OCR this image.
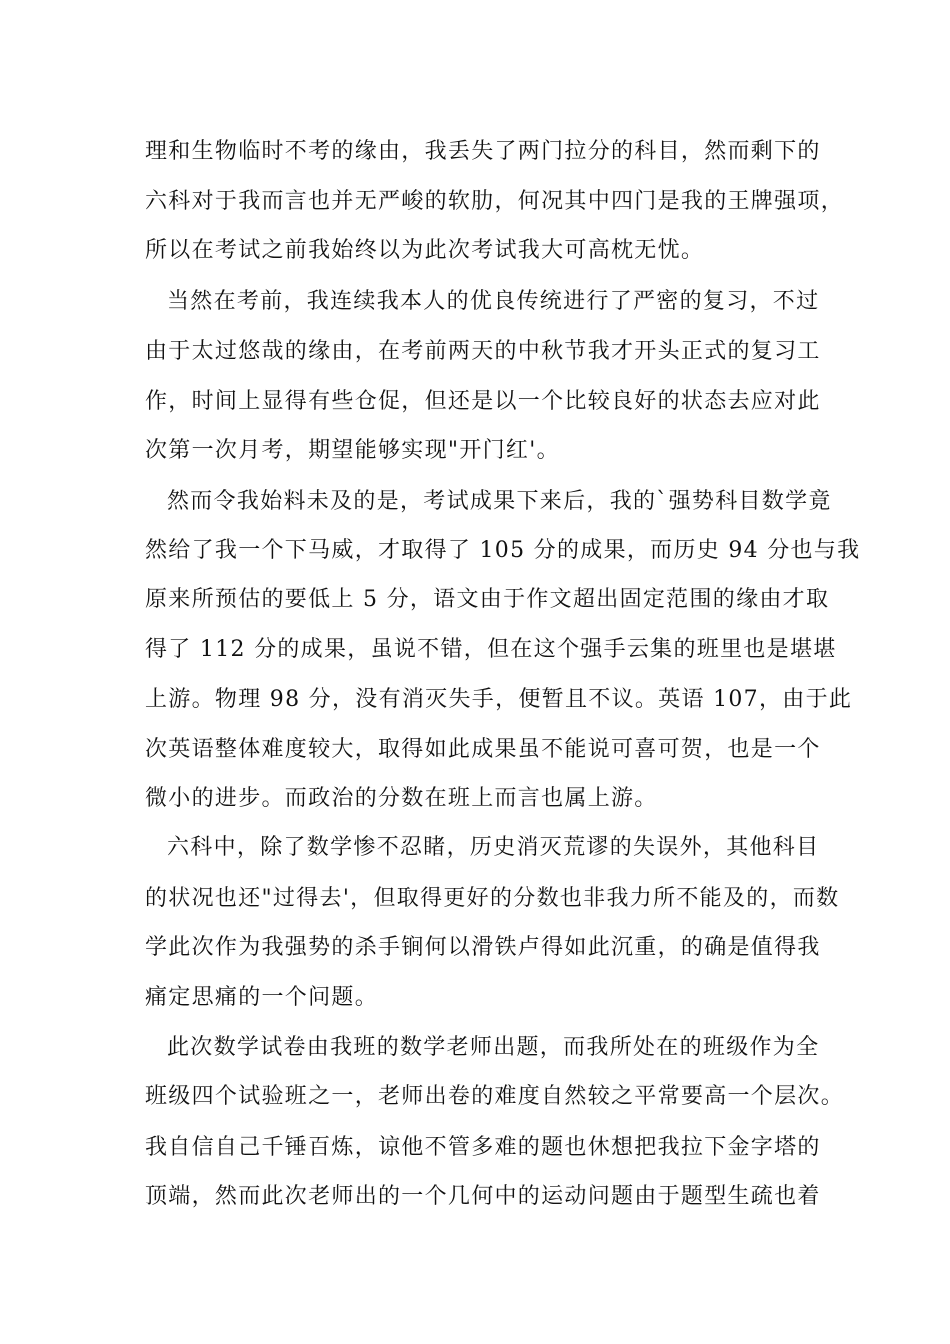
理和生物临时不考的缘由，我丢失了两门拉分的科目，然而剩下的

六科对于我而言也并无严峻的软肋，何况其中四门是我的王牌强项，

所以在考试之前我始终以为此次考试我大可高枕无忧。

当然在考前，我连续我本人的优良传统进行了严密的复习，不过

由于太过悠哉的缘由，在考前两天的中秋节我才开头正式的复习工

作，时间上显得有些仓促，但还是以一个比较良好的状态去应对此

次第一次月考，期望能够实现"开门红'。

然而令我始料未及的是，考试成果下来后，我的`强势科目数学竟

然给了我一个下马威，才取得了 105 分的成果，而历史 94 分也与我

原来所预估的要低上 5 分，语文由于作文超出固定范围的缘由才取

得了 112 分的成果，虽说不错，但在这个强手云集的班里也是堪堪

上游。物理 98 分，没有消灭失手，便暂且不议。英语 107，由于此

次英语整体难度较大，取得如此成果虽不能说可喜可贺，也是一个

微小的进步。而政治的分数在班上而言也属上游。

六科中，除了数学惨不忍睹，历史消灭荒谬的失误外，其他科目

的状况也还"过得去'，但取得更好的分数也非我力所不能及的，而数

学此次作为我强势的杀手锏何以滑铁卢得如此沉重，的确是值得我

痛定思痛的一个问题。

此次数学试卷由我班的数学老师出题，而我所处在的班级作为全

班级四个试验班之一，老师出卷的难度自然较之平常要高一个层次。

我自信自己千锤百炼，谅他不管多难的题也休想把我拉下金字塔的

顶端，然而此次老师出的一个几何中的运动问题由于题型生疏也着
